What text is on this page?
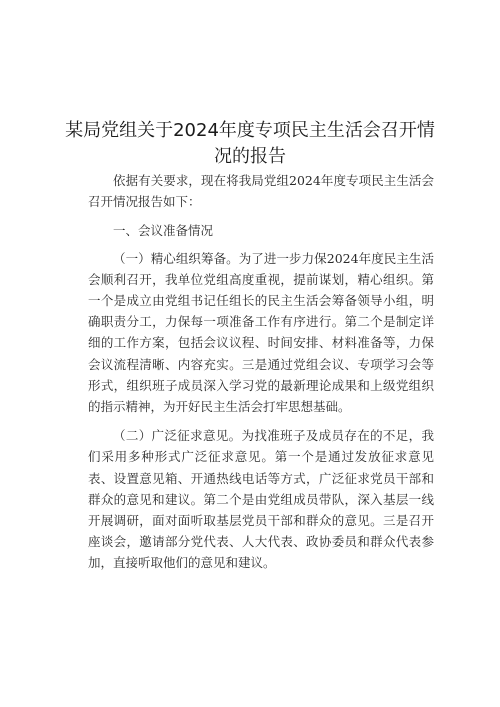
某局党组关于2024年度专项民主生活会召开情
况的报告

依据有关要求，现在将我局党组2024年度专项民主生活会召开情况报告如下：

一、会议准备情况

（一）精心组织筹备。为了进一步力保2024年度民主生活会顺利召开，我单位党组高度重视，提前谋划，精心组织。第一个是成立由党组书记任组长的民主生活会筹备领导小组，明确职责分工，力保每一项准备工作有序进行。第二个是制定详细的工作方案，包括会议议程、时间安排、材料准备等，力保会议流程清晰、内容充实。三是通过党组会议、专项学习会等形式，组织班子成员深入学习党的最新理论成果和上级党组织的指示精神，为开好民主生活会打牢思想基础。

（二）广泛征求意见。为找准班子及成员存在的不足，我们采用多种形式广泛征求意见。第一个是通过发放征求意见表、设置意见箱、开通热线电话等方式，广泛征求党员干部和群众的意见和建议。第二个是由党组成员带队，深入基层一线开展调研，面对面听取基层党员干部和群众的意见。三是召开座谈会，邀请部分党代表、人大代表、政协委员和群众代表参加，直接听取他们的意见和建议。
